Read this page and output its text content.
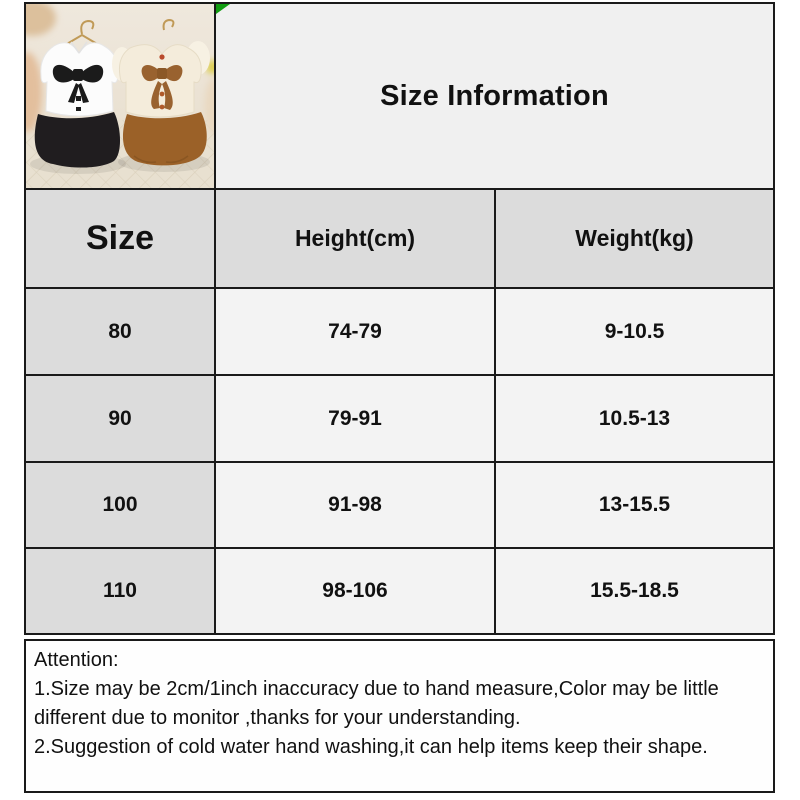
Size Information
Size	Height(cm)	Weight(kg)
80	74-79	9-10.5
90	79-91	10.5-13
100	91-98	13-15.5
110	98-106	15.5-18.5
Attention:
1.Size may be 2cm/1inch inaccuracy due to hand measure,Color may be little
different due to monitor ,thanks for your understanding.
2.Suggestion of cold water hand washing,it can help items keep their shape.
